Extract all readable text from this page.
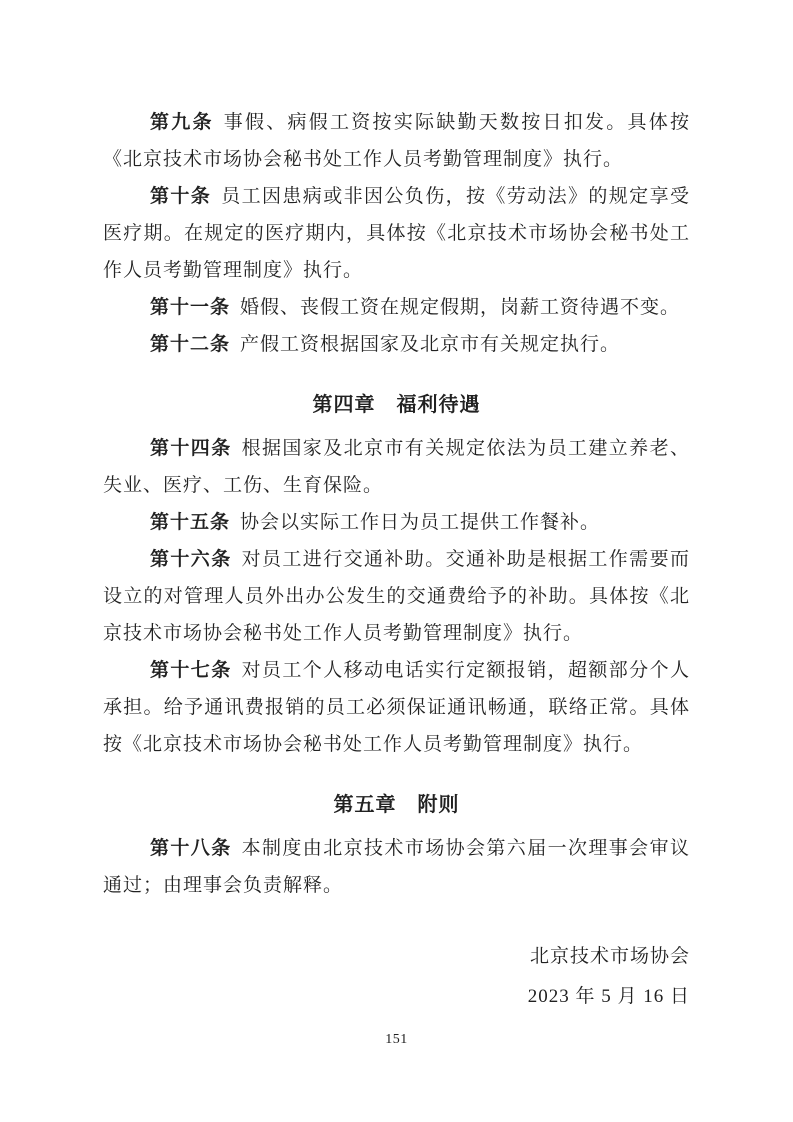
第九条 事假、病假工资按实际缺勤天数按日扣发。具体按《北京技术市场协会秘书处工作人员考勤管理制度》执行。

第十条 员工因患病或非因公负伤，按《劳动法》的规定享受医疗期。在规定的医疗期内，具体按《北京技术市场协会秘书处工作人员考勤管理制度》执行。

第十一条 婚假、丧假工资在规定假期，岗薪工资待遇不变。

第十二条 产假工资根据国家及北京市有关规定执行。

第四章　福利待遇

第十四条 根据国家及北京市有关规定依法为员工建立养老、失业、医疗、工伤、生育保险。

第十五条 协会以实际工作日为员工提供工作餐补。

第十六条 对员工进行交通补助。交通补助是根据工作需要而设立的对管理人员外出办公发生的交通费给予的补助。具体按《北京技术市场协会秘书处工作人员考勤管理制度》执行。

第十七条 对员工个人移动电话实行定额报销，超额部分个人承担。给予通讯费报销的员工必须保证通讯畅通，联络正常。具体按《北京技术市场协会秘书处工作人员考勤管理制度》执行。

第五章　附则

第十八条 本制度由北京技术市场协会第六届一次理事会审议通过；由理事会负责解释。

北京技术市场协会

2023 年 5 月 16 日

151
